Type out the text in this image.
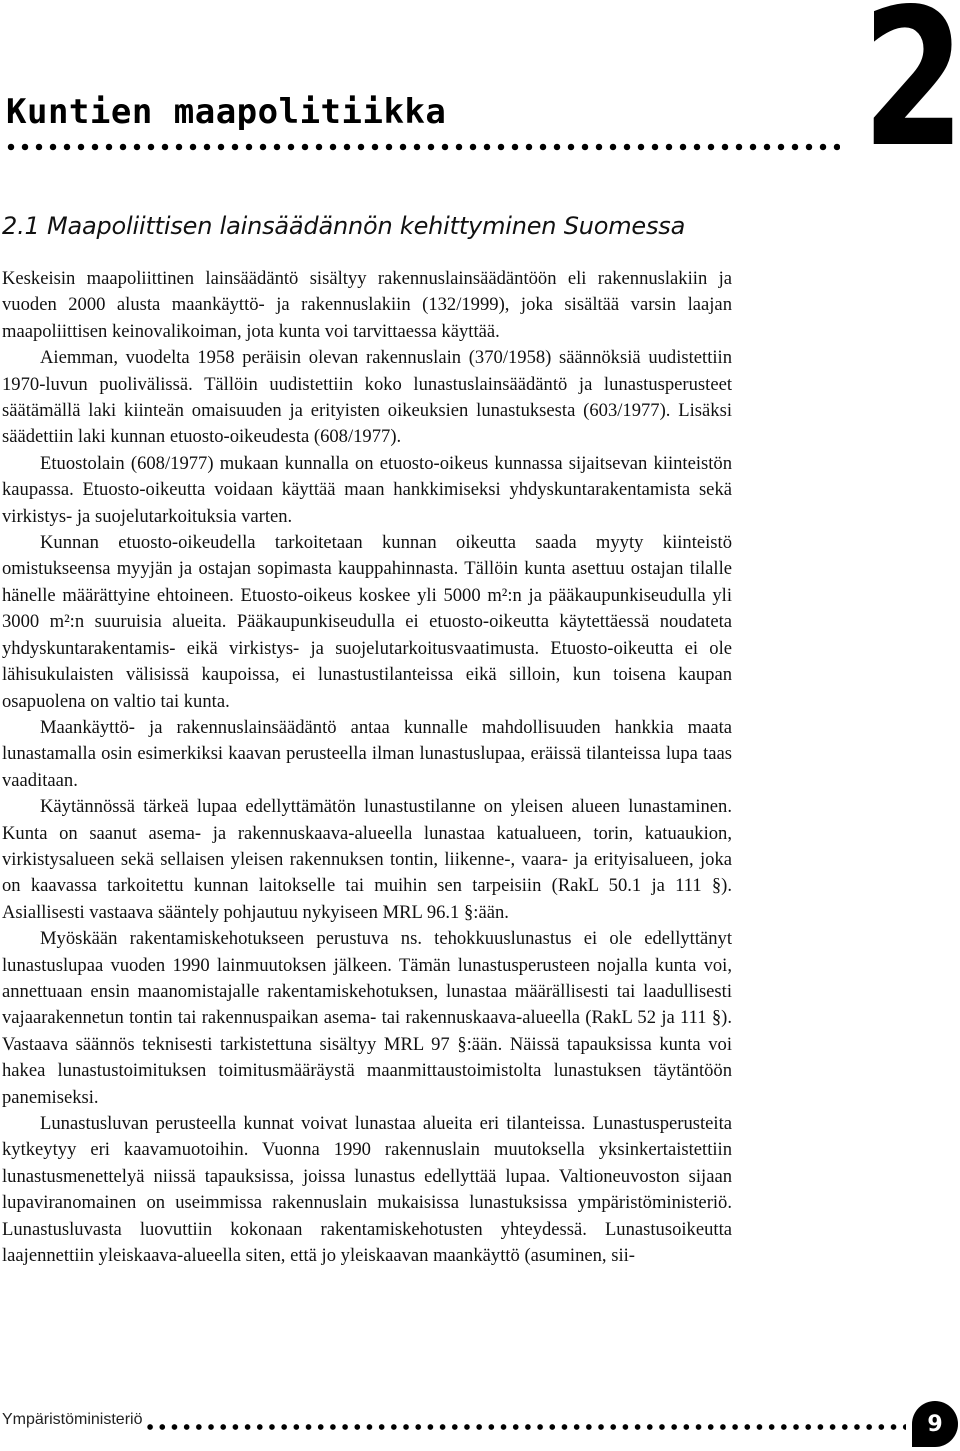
2
Kuntien maapolitiikka
2.1 Maapoliittisen lainsäädännön kehittyminen Suomessa

Keskeisin maapoliittinen lainsäädäntö sisältyy rakennuslainsäädäntöön eli rakennuslakiin ja vuoden 2000 alusta maankäyttö- ja rakennuslakiin (132/1999), joka sisältää varsin laajan maapoliittisen keinovalikoiman, jota kunta voi tarvittaessa käyttää.

Aiemman, vuodelta 1958 peräisin olevan rakennuslain (370/1958) säännöksiä uudistettiin 1970-luvun puolivälissä. Tällöin uudistettiin koko lunastuslainsäädäntö ja lunastusperusteet säätämällä laki kiinteän omaisuuden ja erityisten oikeuksien lunastuksesta (603/1977). Lisäksi säädettiin laki kunnan etuosto-oikeudesta (608/1977).

Etuostolain (608/1977) mukaan kunnalla on etuosto-oikeus kunnassa sijaitsevan kiinteistön kaupassa. Etuosto-oikeutta voidaan käyttää maan hankkimiseksi yhdyskuntarakentamista sekä virkistys- ja suojelutarkoituksia varten.

Kunnan etuosto-oikeudella tarkoitetaan kunnan oikeutta saada myyty kiinteistö omistukseensa myyjän ja ostajan sopimasta kauppahinnasta. Tällöin kunta asettuu ostajan tilalle hänelle määrättyine ehtoineen. Etuosto-oikeus koskee yli 5000 m²:n ja pääkaupunkiseudulla yli 3000 m²:n suuruisia alueita. Pääkaupunkiseudulla ei etuosto-oikeutta käytettäessä noudateta yhdyskuntarakentamis- eikä virkistys- ja suojelutarkoitusvaatimusta. Etuosto-oikeutta ei ole lähisukulaisten välisissä kaupoissa, ei lunastustilanteissa eikä silloin, kun toisena kaupan osapuolena on valtio tai kunta.

Maankäyttö- ja rakennuslainsäädäntö antaa kunnalle mahdollisuuden hankkia maata lunastamalla osin esimerkiksi kaavan perusteella ilman lunastuslupaa, eräissä tilanteissa lupa taas vaaditaan.

Käytännössä tärkeä lupaa edellyttämätön lunastustilanne on yleisen alueen lunastaminen. Kunta on saanut asema- ja rakennuskaava-alueella lunastaa katualueen, torin, katuaukion, virkistysalueen sekä sellaisen yleisen rakennuksen tontin, liikenne-, vaara- ja erityisalueen, joka on kaavassa tarkoitettu kunnan laitokselle tai muihin sen tarpeisiin (RakL 50.1 ja 111 §). Asiallisesti vastaava sääntely pohjautuu nykyiseen MRL 96.1 §:ään.

Myöskään rakentamiskehotukseen perustuva ns. tehokkuuslunastus ei ole edellyttänyt lunastuslupaa vuoden 1990 lainmuutoksen jälkeen. Tämän lunastusperusteen nojalla kunta voi, annettuaan ensin maanomistajalle rakentamiskehotuksen, lunastaa määrällisesti tai laadullisesti vajaarakennetun tontin tai rakennuspaikan asema- tai rakennuskaava-alueella (RakL 52 ja 111 §). Vastaava säännös teknisesti tarkistettuna sisältyy MRL 97 §:ään. Näissä tapauksissa kunta voi hakea lunastustoimituksen toimitusmääräystä maanmittaustoimistolta lunastuksen täytäntöön panemiseksi.

Lunastusluvan perusteella kunnat voivat lunastaa alueita eri tilanteissa. Lunastusperusteita kytkeytyy eri kaavamuotoihin. Vuonna 1990 rakennuslain muutoksella yksinkertaistettiin lunastusmenettelyä niissä tapauksissa, joissa lunastus edellyttää lupaa. Valtioneuvoston sijaan lupaviranomainen on useimmissa rakennuslain mukaisissa lunastuksissa ympäristöministeriö. Lunastusluvasta luovuttiin kokonaan rakentamiskehotusten yhteydessä. Lunastusoikeutta laajennettiin yleiskaava-alueella siten, että jo yleiskaavan maankäyttö (asuminen, sii-

Ympäristöministeriö	9
